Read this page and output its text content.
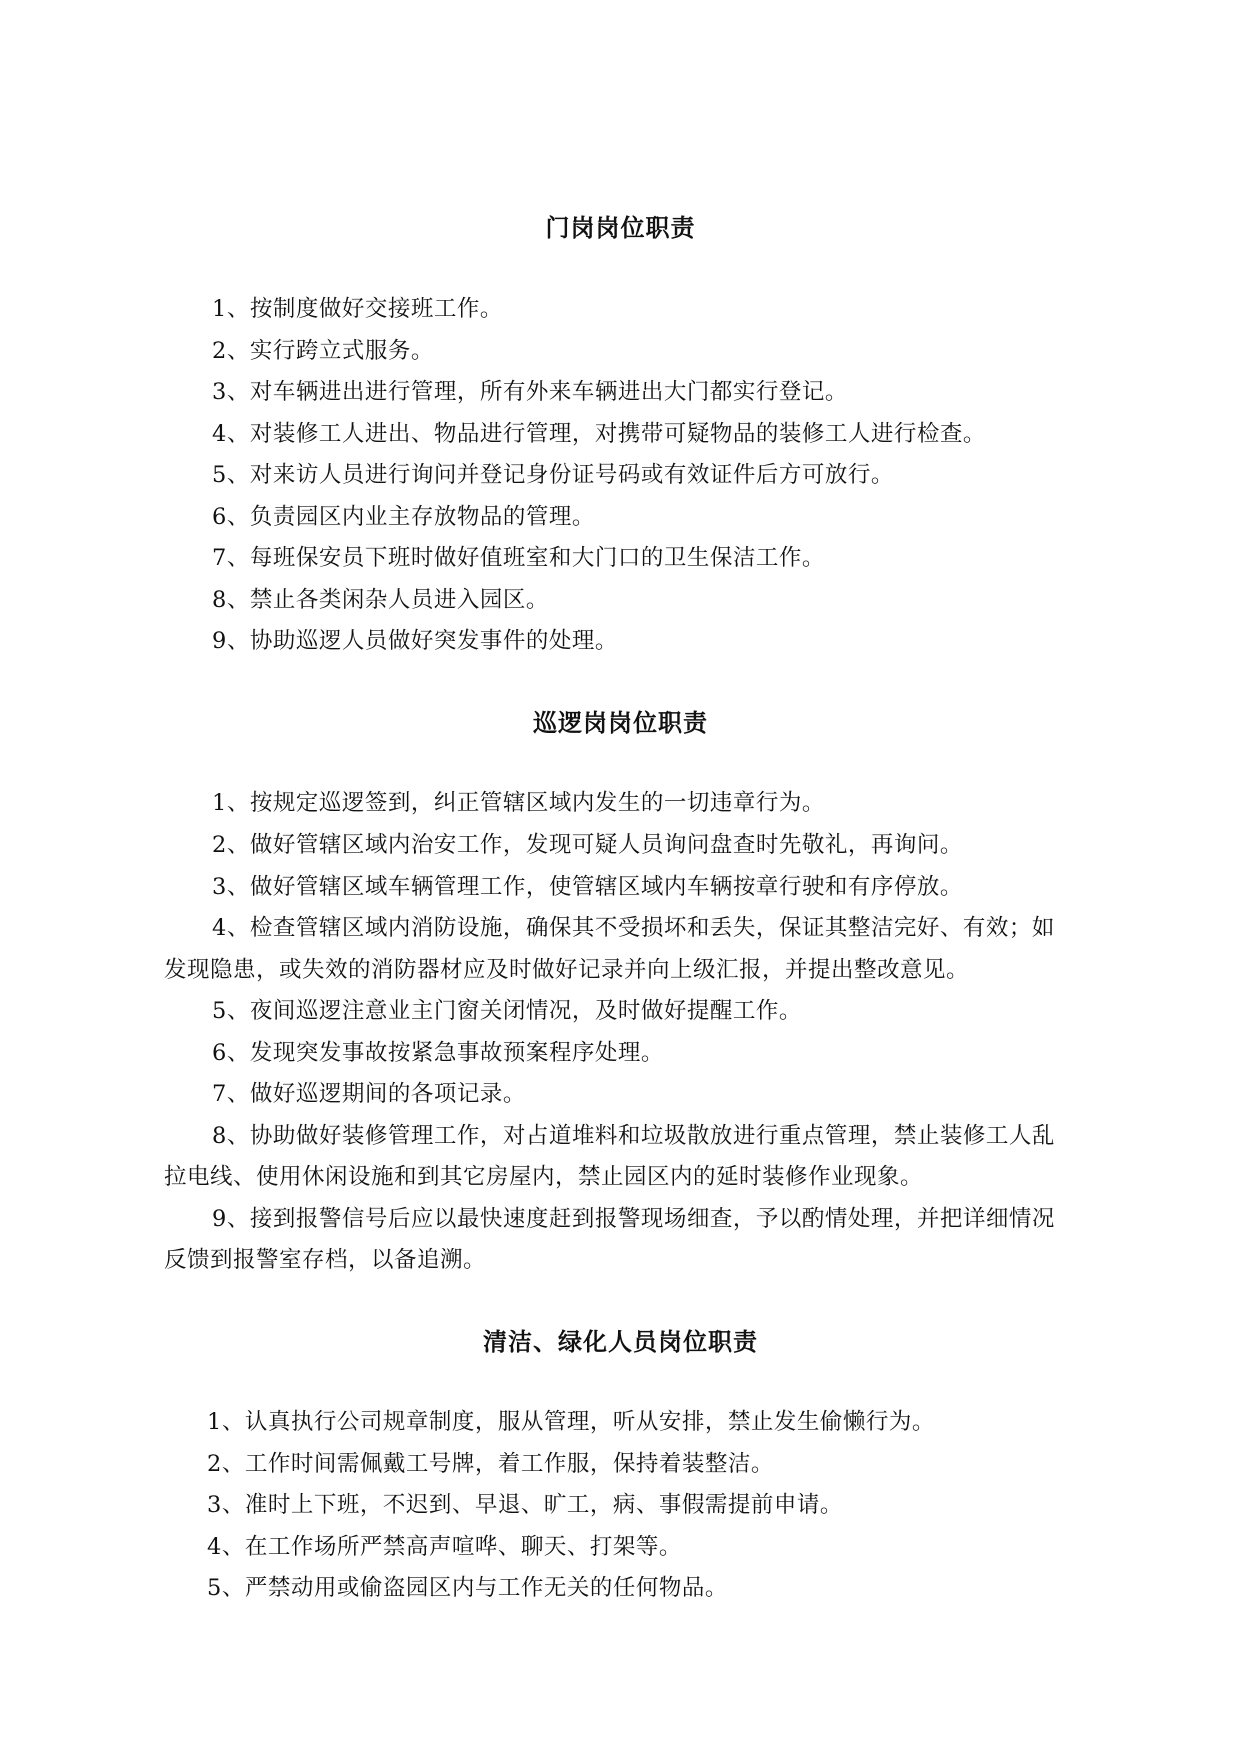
门岗岗位职责
1、按制度做好交接班工作。
2、实行跨立式服务。
3、对车辆进出进行管理，所有外来车辆进出大门都实行登记。
4、对装修工人进出、物品进行管理，对携带可疑物品的装修工人进行检查。
5、对来访人员进行询问并登记身份证号码或有效证件后方可放行。
6、负责园区内业主存放物品的管理。
7、每班保安员下班时做好值班室和大门口的卫生保洁工作。
8、禁止各类闲杂人员进入园区。
9、协助巡逻人员做好突发事件的处理。
巡逻岗岗位职责
1、按规定巡逻签到，纠正管辖区域内发生的一切违章行为。
2、做好管辖区域内治安工作，发现可疑人员询问盘查时先敬礼，再询问。
3、做好管辖区域车辆管理工作，使管辖区域内车辆按章行驶和有序停放。
4、检查管辖区域内消防设施，确保其不受损坏和丢失，保证其整洁完好、有效；如
发现隐患，或失效的消防器材应及时做好记录并向上级汇报，并提出整改意见。
5、夜间巡逻注意业主门窗关闭情况，及时做好提醒工作。
6、发现突发事故按紧急事故预案程序处理。
7、做好巡逻期间的各项记录。
8、协助做好装修管理工作，对占道堆料和垃圾散放进行重点管理，禁止装修工人乱
拉电线、使用休闲设施和到其它房屋内，禁止园区内的延时装修作业现象。
9、接到报警信号后应以最快速度赶到报警现场细查，予以酌情处理，并把详细情况
反馈到报警室存档，以备追溯。
清洁、绿化人员岗位职责
1、认真执行公司规章制度，服从管理，听从安排，禁止发生偷懒行为。
2、工作时间需佩戴工号牌，着工作服，保持着装整洁。
3、准时上下班，不迟到、早退、旷工，病、事假需提前申请。
4、在工作场所严禁高声喧哗、聊天、打架等。
5、严禁动用或偷盗园区内与工作无关的任何物品。
